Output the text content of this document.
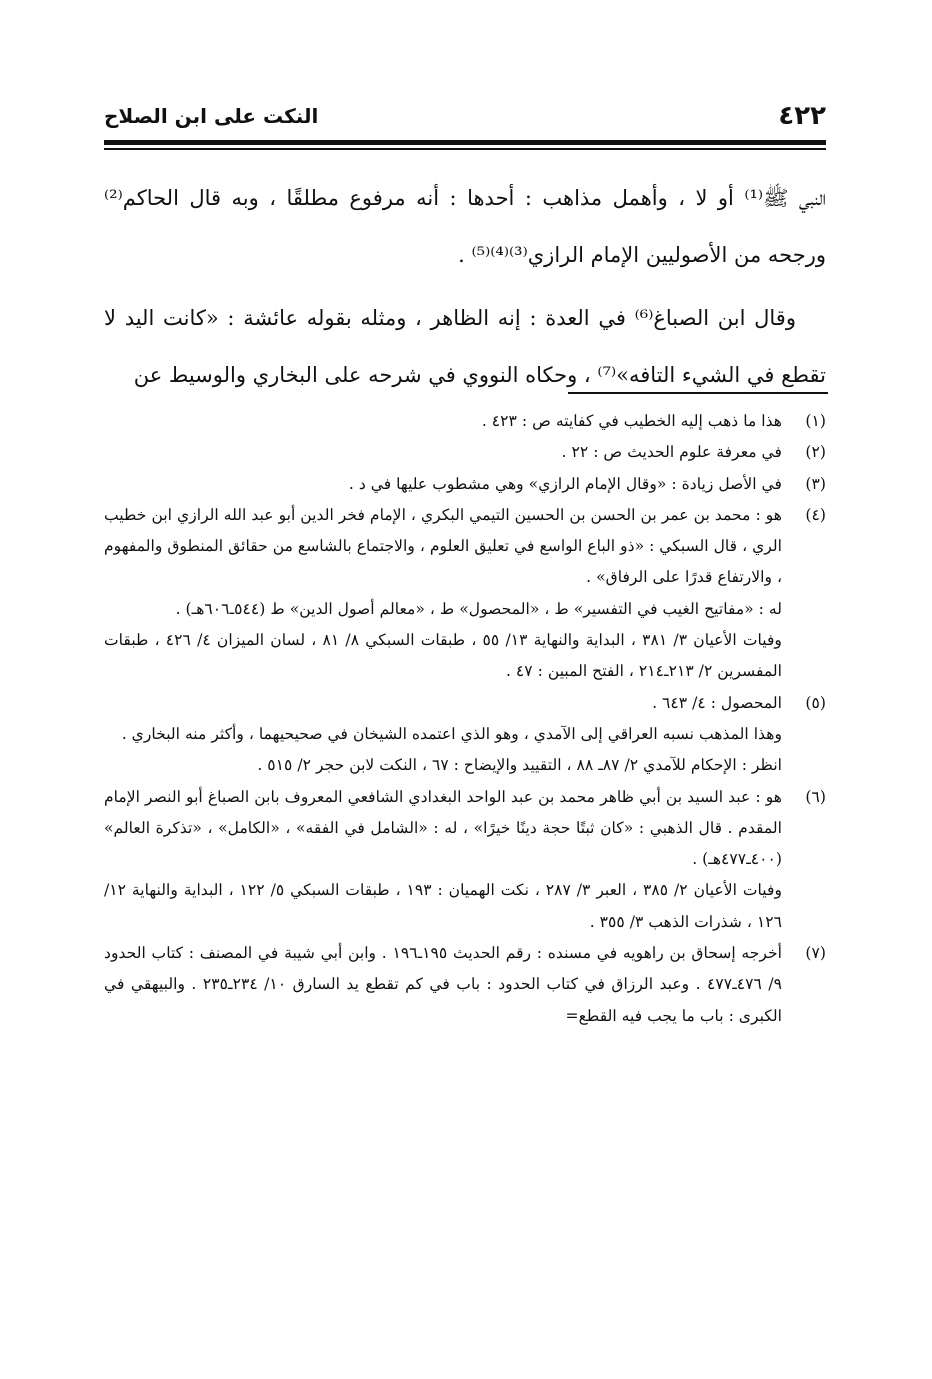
٤٢٢
النكت على ابن الصلاح

النبي ﷺ⁽¹⁾ أو لا ، وأهمل مذاهب : أحدها : أنه مرفوع مطلقًا ، وبه قال الحاكم⁽²⁾ ورجحه من الأصوليين الإمام الرازي⁽³⁾⁽⁴⁾⁽⁵⁾ .

وقال ابن الصباغ⁽⁶⁾ في العدة : إنه الظاهر ، ومثله بقوله عائشة : «كانت اليد لا تقطع في الشيء التافه»⁽⁷⁾ ، وحكاه النووي في شرحه على البخاري والوسيط عن

(١)
هذا ما ذهب إليه الخطيب في كفايته ص : ٤٢٣ .
(٢)
في معرفة علوم الحديث ص : ٢٢ .
(٣)
في الأصل زيادة : «وقال الإمام الرازي» وهي مشطوب عليها في د .
(٤)
هو : محمد بن عمر بن الحسن بن الحسين التيمي البكري ، الإمام فخر الدين أبو عبد الله الرازي ابن خطيب الري ، قال السبكي : «ذو الباع الواسع في تعليق العلوم ، والاجتماع بالشاسع من حقائق المنطوق والمفهوم ، والارتفاع قدرًا على الرفاق» .
له : «مفاتيح الغيب في التفسير» ط ، «المحصول» ط ، «معالم أصول الدين» ط (٥٤٤ـ٦٠٦هـ) .
وفيات الأعيان ٣/ ٣٨١ ، البداية والنهاية ١٣/ ٥٥ ، طبقات السبكي ٨/ ٨١ ، لسان الميزان ٤/ ٤٢٦ ، طبقات المفسرين ٢/ ٢١٣ـ٢١٤ ، الفتح المبين : ٤٧ .
(٥)
المحصول : ٤/ ٦٤٣ .
وهذا المذهب نسبه العراقي إلى الآمدي ، وهو الذي اعتمده الشيخان في صحيحيهما ، وأكثر منه البخاري .
انظر : الإحكام للآمدي ٢/ ٨٧ـ ٨٨ ، التقييد والإيضاح : ٦٧ ، النكت لابن حجر ٢/ ٥١٥ .
(٦)
هو : عبد السيد بن أبي ظاهر محمد بن عبد الواحد البغدادي الشافعي المعروف بابن الصباغ أبو النصر الإمام المقدم . قال الذهبي : «كان ثبتًا حجة دينًا خيرًا» ، له : «الشامل في الفقه» ، «الكامل» ، «تذكرة العالم» (٤٠٠ـ٤٧٧هـ) .
وفيات الأعيان ٢/ ٣٨٥ ، العبر ٣/ ٢٨٧ ، نكت الهميان : ١٩٣ ، طبقات السبكي ٥/ ١٢٢ ، البداية والنهاية ١٢/ ١٢٦ ، شذرات الذهب ٣/ ٣٥٥ .
(٧)
أخرجه إسحاق بن راهويه في مسنده : رقم الحديث ١٩٥ـ١٩٦ . وابن أبي شيبة في المصنف : كتاب الحدود ٩/ ٤٧٦ـ٤٧٧ . وعبد الرزاق في كتاب الحدود : باب في كم تقطع يد السارق ١٠/ ٢٣٤ـ٢٣٥ . والبيهقي في الكبرى : باب ما يجب فيه القطع=
